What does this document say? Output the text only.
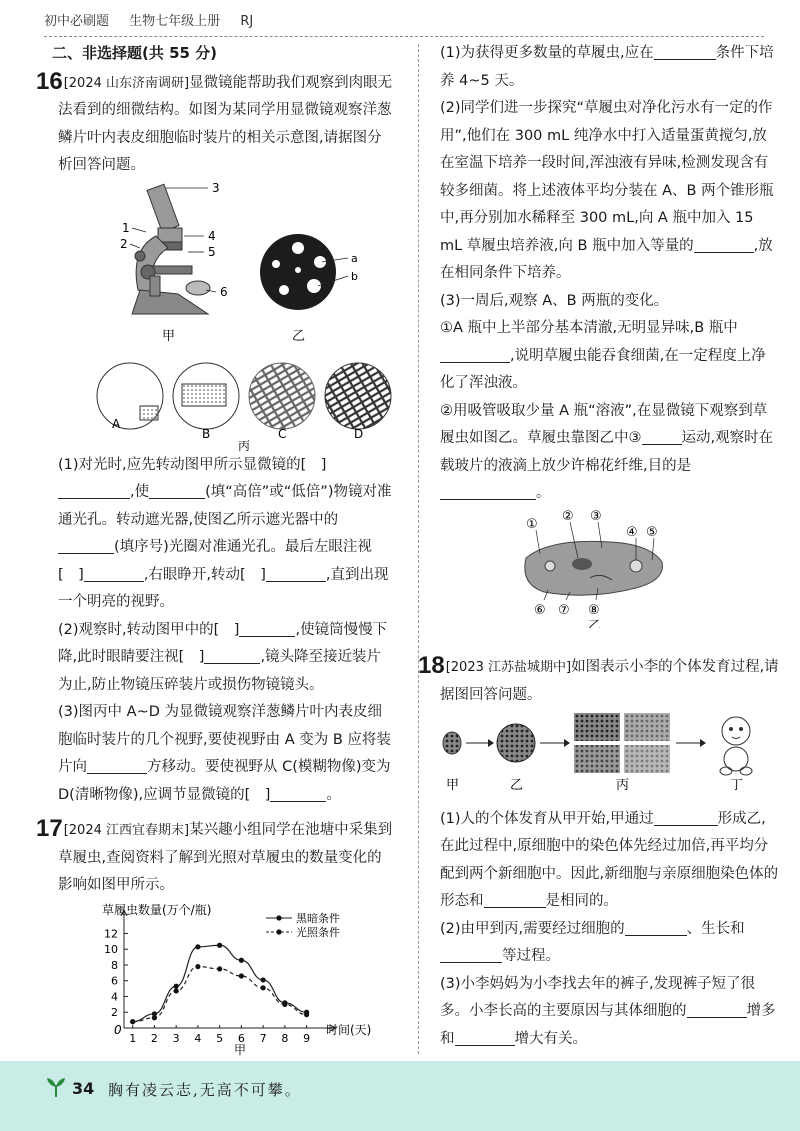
初中必刷题 生物七年级上册 RJ
二、非选择题(共 55 分)

16[2024 山东济南调研]显微镜能帮助我们观察到肉眼无法看到的细微结构。如图为某同学用显微镜观察洋葱鳞片叶内表皮细胞临时装片的相关示意图,请据图分析回答问题。

3
1
2
4
5
6
甲
a
b
乙
A
B	C	D
丙

(1)对光时,应先转动图甲所示显微镜的[　],使	(填“高倍”或“低倍”)物镜对准通光孔。转动遮光器,使图乙所示遮光器中的(填序号)光圈对准通光孔。最后左眼注视[　]	,右眼睁开,转动[　]	,直到出现一个明亮的视野。

(2)观察时,转动图甲中的[　]	,使镜筒慢慢下降,此时眼睛要注视[　]	,镜头降至接近装片为止,防止物镜压碎装片或损伤物镜镜头。

(3)图丙中 A~D 为显微镜观察洋葱鳞片叶内表皮细胞临时装片的几个视野,要使视野由 A 变为 B 应将装片向	方移动。要使视野从 C(模糊物像)变为 D(清晰物像),应调节显微镜的[　]	。

17[2024 江西宜春期末]某兴趣小组同学在池塘中采集到草履虫,查阅资料了解到光照对草履虫的数量变化的影响如图甲所示。

草履虫数量(万个/瓶)
时间(天)
0
甲
2
4
6
8
10
12
1 2 3 4 5 6 7 8 9
黑暗条件
光照条件

(1)为获得更多数量的草履虫,应在	条件下培养 4~5 天。

(2)同学们进一步探究“草履虫对净化污水有一定的作用”,他们在 300 mL 纯净水中打入适量蛋黄搅匀,放在室温下培养一段时间,浑浊液有异味,检测发现含有较多细菌。将上述液体平均分装在 A、B 两个锥形瓶中,再分别加水稀释至 300 mL,向 A 瓶中加入 15 mL 草履虫培养液,向 B 瓶中加入等量的	,放在相同条件下培养。

(3)一周后,观察 A、B 两瓶的变化。

①A 瓶中上半部分基本清澈,无明显异味,B 瓶中,说明草履虫能吞食细菌,在一定程度上净化了浑浊液。

②用吸管吸取少量 A 瓶“溶液”,在显微镜下观察到草履虫如图乙。草履虫靠图乙中③	运动,观察时在载玻片的液滴上放少许棉花纤维,目的是。

①
② ③
④ ⑤
⑥ ⑦ ⑧
乙

18[2023 江苏盐城期中]如图表示小李的个体发育过程,请据图回答问题。

甲	乙	丙	丁

(1)人的个体发育从甲开始,甲通过	形成乙,在此过程中,原细胞中的染色体先经过加倍,再平均分配到两个新细胞中。因此,新细胞与亲原细胞染色体的形态和	是相同的。

(2)由甲到丙,需要经过细胞的	、生长和等过程。

(3)小李妈妈为小李找去年的裤子,发现裤子短了很多。小李长高的主要原因与其体细胞的	增多和	增大有关。

34 胸有凌云志,无高不可攀。
